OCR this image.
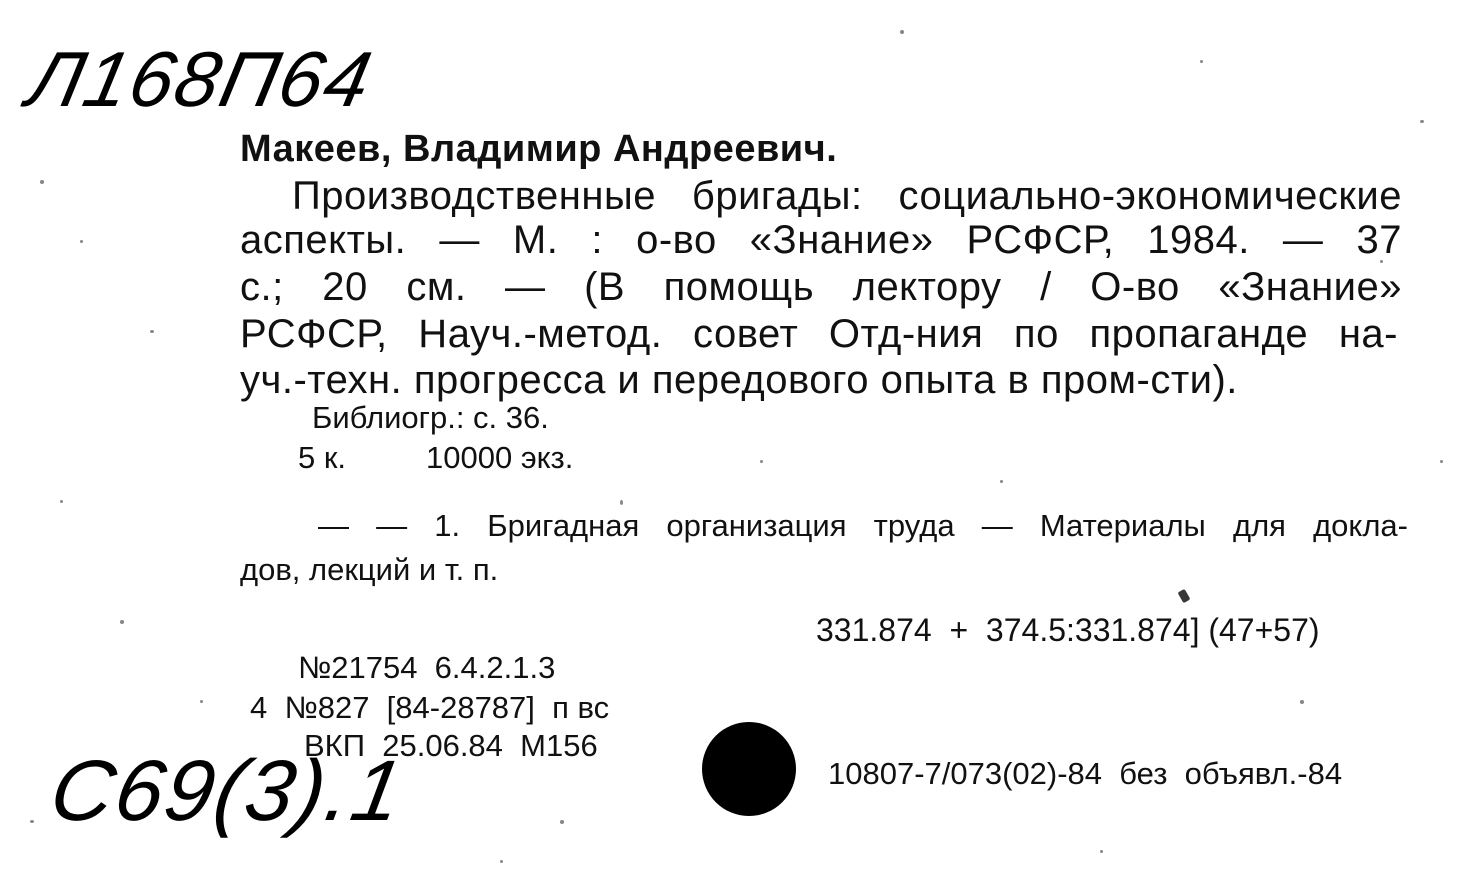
Л168П64
С69(3).1
Макеев, Владимир Андреевич.
Производственные бригады: социально-экономические
аспекты. — М. : о-во «Знание» РСФСР, 1984. — 37
с.; 20 см. — (В помощь лектору / О-во «Знание»
РСФСР, Науч.-метод. совет Отд-ния по пропаганде на-
уч.-техн. прогресса и передового опыта в пром-сти).
Библиогр.: с. 36.
5 к.	10000 экз.
— — 1. Бригадная организация труда — Материалы для докла-
дов, лекций и т. п.
331.874  +  374.5:331.874] (47+57)
№21754  6.4.2.1.3
4  №827  [84-28787]  п вс
ВКП  25.06.84  М156
10807-7/073(02)-84  без  объявл.-84
